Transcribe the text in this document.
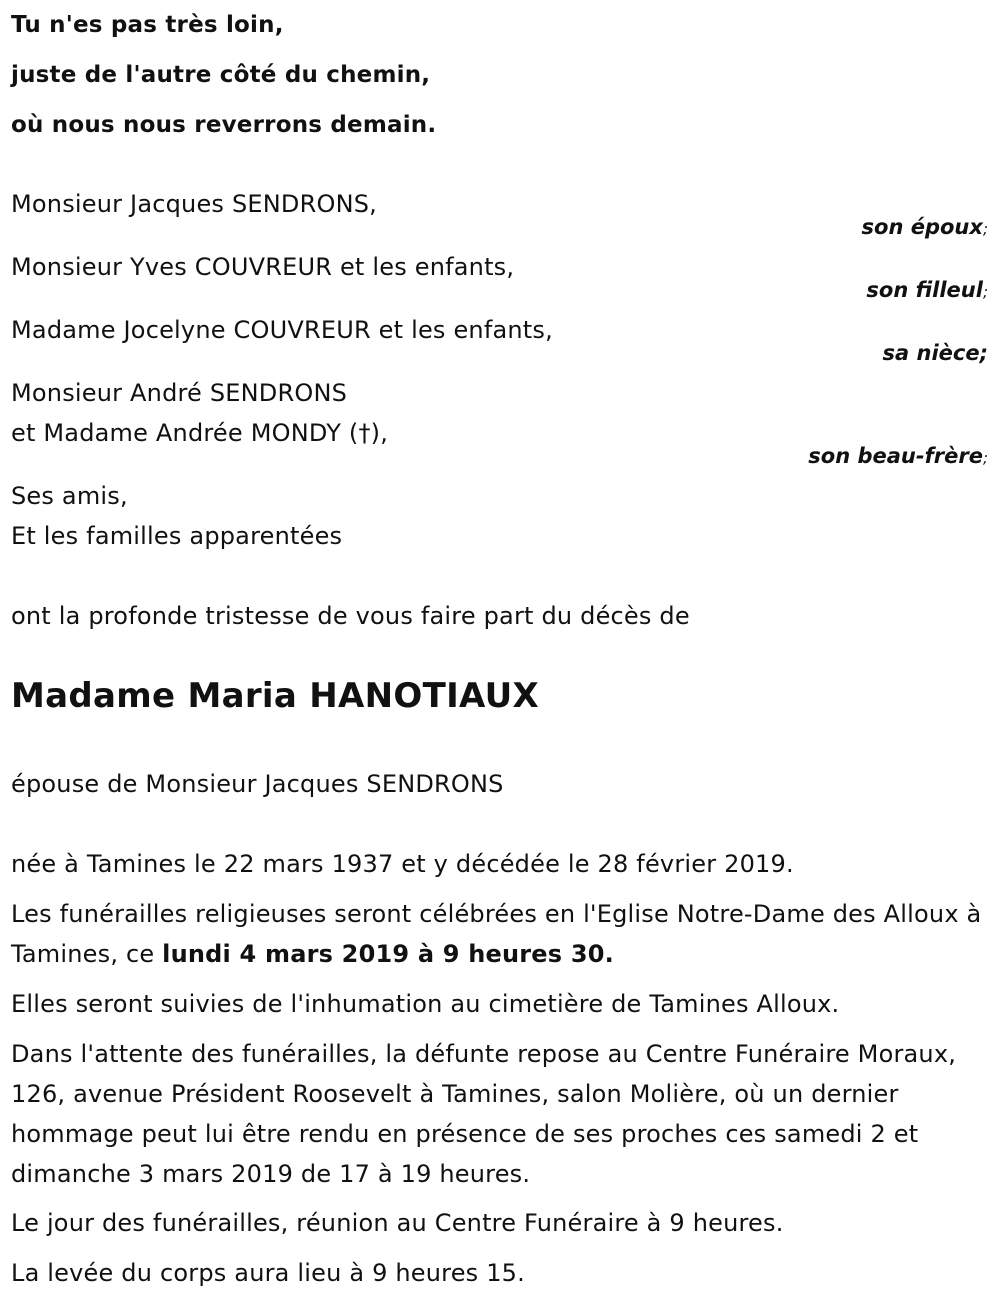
Tu n'es pas très loin,
juste de l'autre côté du chemin,
où nous nous reverrons demain.
Monsieur Jacques SENDRONS,
son époux;
Monsieur Yves COUVREUR et les enfants,
son filleul;
Madame Jocelyne COUVREUR et les enfants,
sa nièce;
Monsieur André SENDRONS
et Madame Andrée MONDY (†),
son beau-frère;
Ses amis,
Et les familles apparentées
ont la profonde tristesse de vous faire part du décès de
Madame Maria HANOTIAUX
épouse de Monsieur Jacques SENDRONS
née à Tamines le 22 mars 1937 et y décédée le 28 février 2019.
Les funérailles religieuses seront célébrées en l'Eglise Notre-Dame des Alloux à Tamines, ce lundi 4 mars 2019 à 9 heures 30.
Elles seront suivies de l'inhumation au cimetière de Tamines Alloux.
Dans l'attente des funérailles, la défunte repose au Centre Funéraire Moraux, 126, avenue Président Roosevelt à Tamines, salon Molière, où un dernier hommage peut lui être rendu en présence de ses proches ces samedi 2 et dimanche 3 mars 2019 de 17 à 19 heures.
Le jour des funérailles, réunion au Centre Funéraire à 9 heures.
La levée du corps aura lieu à 9 heures 15.
